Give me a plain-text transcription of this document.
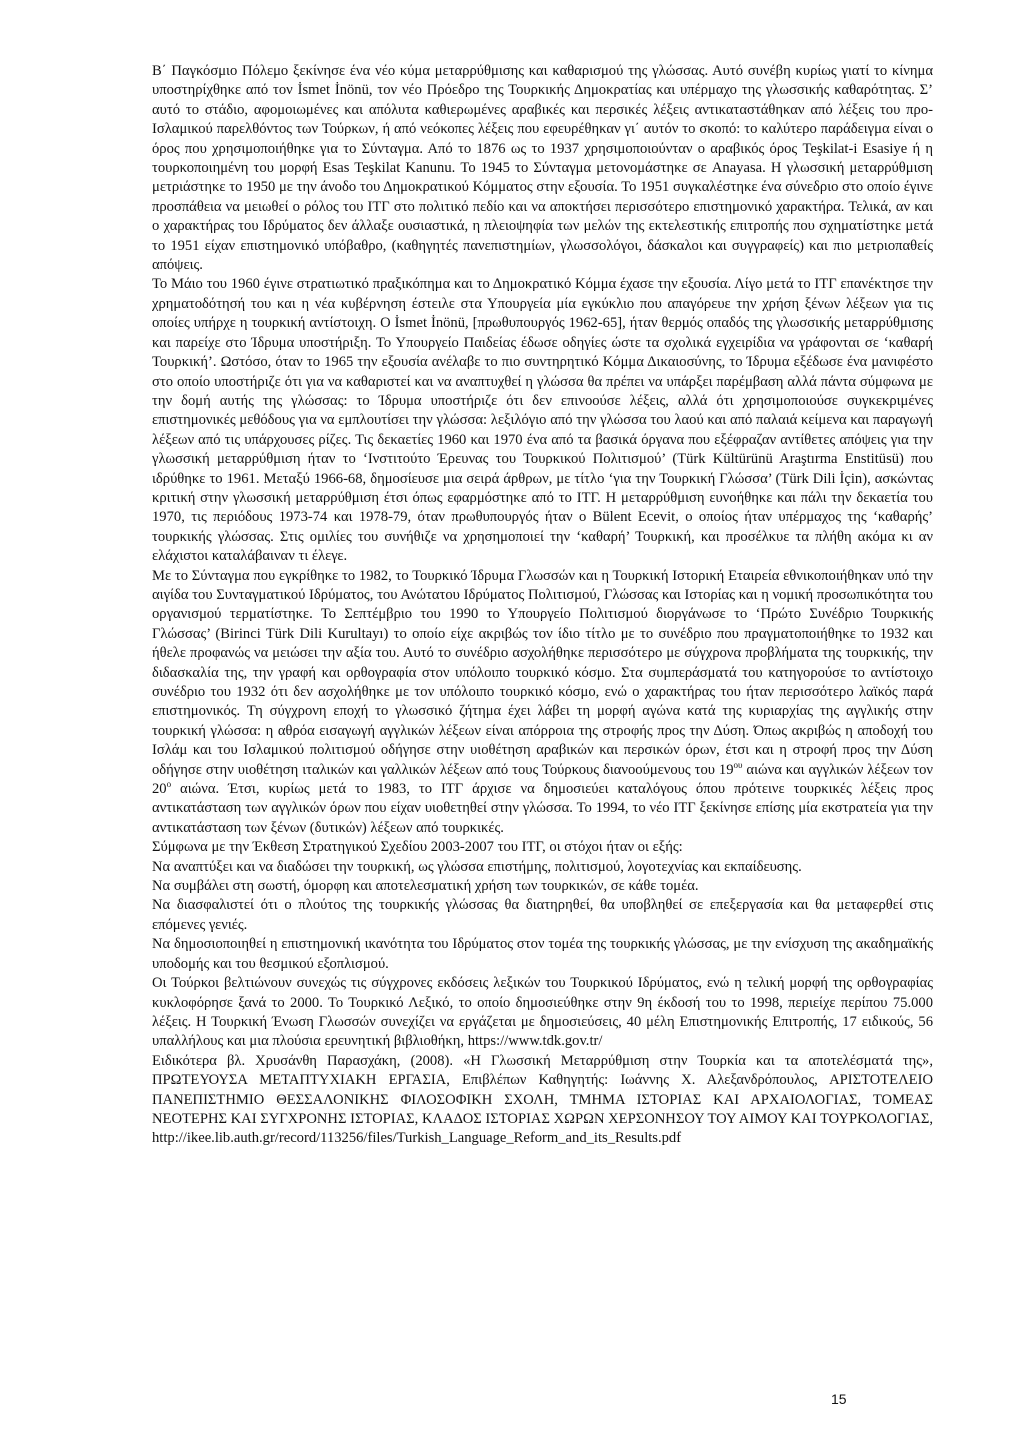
Β΄ Παγκόσμιο Πόλεμο ξεκίνησε ένα νέο κύμα μεταρρύθμισης και καθαρισμού της γλώσσας. Αυτό συνέβη κυρίως γιατί το κίνημα υποστηρίχθηκε από τον İsmet İnönü, τον νέο Πρόεδρο της Τουρκικής Δημοκρατίας και υπέρμαχο της γλωσσικής καθαρότητας. Σ’ αυτό το στάδιο, αφομοιωμένες και απόλυτα καθιερωμένες αραβικές και περσικές λέξεις αντικαταστάθηκαν από λέξεις του προ-Ισλαμικού παρελθόντος των Τούρκων, ή από νεόκοπες λέξεις που εφευρέθηκαν γι΄ αυτόν το σκοπό: το καλύτερο παράδειγμα είναι ο όρος που χρησιμοποιήθηκε για το Σύνταγμα. Από το 1876 ως το 1937 χρησιμοποιούνταν ο αραβικός όρος Teşkilat-i Esasiye ή η τουρκοποιημένη του μορφή Esas Teşkilat Kanunu. Το 1945 το Σύνταγμα μετονομάστηκε σε Anayasa. Η γλωσσική μεταρρύθμιση μετριάστηκε το 1950 με την άνοδο του Δημοκρατικού Κόμματος στην εξουσία. Το 1951 συγκαλέστηκε ένα σύνεδριο στο οποίο έγινε προσπάθεια να μειωθεί ο ρόλος του ΙΤΓ στο πολιτικό πεδίο και να αποκτήσει περισσότερο επιστημονικό χαρακτήρα. Τελικά, αν και ο χαρακτήρας του Ιδρύματος δεν άλλαξε ουσιαστικά, η πλειοψηφία των μελών της εκτελεστικής επιτροπής που σχηματίστηκε μετά το 1951 είχαν επιστημονικό υπόβαθρο, (καθηγητές πανεπιστημίων, γλωσσολόγοι, δάσκαλοι και συγγραφείς) και πιο μετριοπαθείς απόψεις.

Το Μάιο του 1960 έγινε στρατιωτικό πραξικόπημα και το Δημοκρατικό Κόμμα έχασε την εξουσία. Λίγο μετά το ΙΤΓ επανέκτησε την χρηματοδότησή του και η νέα κυβέρνηση έστειλε στα Υπουργεία μία εγκύκλιο που απαγόρευε την χρήση ξένων λέξεων για τις οποίες υπήρχε η τουρκική αντίστοιχη. Ο İsmet İnönü, [πρωθυπουργός 1962-65], ήταν θερμός οπαδός της γλωσσικής μεταρρύθμισης και παρείχε στο Ίδρυμα υποστήριξη. Το Υπουργείο Παιδείας έδωσε οδηγίες ώστε τα σχολικά εγχειρίδια να γράφονται σε ‘καθαρή Τουρκική’. Ωστόσο, όταν το 1965 την εξουσία ανέλαβε το πιο συντηρητικό Κόμμα Δικαιοσύνης, το Ίδρυμα εξέδωσε ένα μανιφέστο στο οποίο υποστήριζε ότι για να καθαριστεί και να αναπτυχθεί η γλώσσα θα πρέπει να υπάρξει παρέμβαση αλλά πάντα σύμφωνα με την δομή αυτής της γλώσσας: το Ίδρυμα υποστήριζε ότι δεν επινοούσε λέξεις, αλλά ότι χρησιμοποιούσε συγκεκριμένες επιστημονικές μεθόδους για να εμπλουτίσει την γλώσσα: λεξιλόγιο από την γλώσσα του λαού και από παλαιά κείμενα και παραγωγή λέξεων από τις υπάρχουσες ρίζες. Τις δεκαετίες 1960 και 1970 ένα από τα βασικά όργανα που εξέφραζαν αντίθετες απόψεις για την γλωσσική μεταρρύθμιση ήταν το ‘Ινστιτούτο Έρευνας του Τουρκικού Πολιτισμού’ (Türk Kültürünü Araştırma Enstitüsü) που ιδρύθηκε το 1961. Μεταξύ 1966-68, δημοσίευσε μια σειρά άρθρων, με τίτλο ‘για την Τουρκική Γλώσσα’ (Türk Dili İçin), ασκώντας κριτική στην γλωσσική μεταρρύθμιση έτσι όπως εφαρμόστηκε από το ΙΤΓ. Η μεταρρύθμιση ευνοήθηκε και πάλι την δεκαετία του 1970, τις περιόδους 1973-74 και 1978-79, όταν πρωθυπουργός ήταν ο Bülent Ecevit, ο οποίος ήταν υπέρμαχος της ‘καθαρής’ τουρκικής γλώσσας. Στις ομιλίες του συνήθιζε να χρησημοποιεί την ‘καθαρή’ Τουρκική, και προσέλκυε τα πλήθη ακόμα κι αν ελάχιστοι καταλάβαιναν τι έλεγε.

Με το Σύνταγμα που εγκρίθηκε το 1982, το Τουρκικό Ίδρυμα Γλωσσών και η Τουρκική Ιστορική Εταιρεία εθνικοποιήθηκαν υπό την αιγίδα του Συνταγματικού Ιδρύματος, του Ανώτατου Ιδρύματος Πολιτισμού, Γλώσσας και Ιστορίας και η νομική προσωπικότητα του οργανισμού τερματίστηκε. Το Σεπτέμβριο του 1990 το Υπουργείο Πολιτισμού διοργάνωσε το ‘Πρώτο Συνέδριο Τουρκικής Γλώσσας’ (Birinci Türk Dili Kurultayı) το οποίο είχε ακριβώς τον ίδιο τίτλο με το συνέδριο που πραγματοποιήθηκε το 1932 και ήθελε προφανώς να μειώσει την αξία του. Αυτό το συνέδριο ασχολήθηκε περισσότερο με σύγχρονα προβλήματα της τουρκικής, την διδασκαλία της, την γραφή και ορθογραφία στον υπόλοιπο τουρκικό κόσμο. Στα συμπεράσματά του κατηγορούσε το αντίστοιχο συνέδριο του 1932 ότι δεν ασχολήθηκε με τον υπόλοιπο τουρκικό κόσμο, ενώ ο χαρακτήρας του ήταν περισσότερο λαϊκός παρά επιστημονικός. Τη σύγχρονη εποχή το γλωσσικό ζήτημα έχει λάβει τη μορφή αγώνα κατά της κυριαρχίας της αγγλικής στην τουρκική γλώσσα: η αθρόα εισαγωγή αγγλικών λέξεων είναι απόρροια της στροφής προς την Δύση. Όπως ακριβώς η αποδοχή του Ισλάμ και του Ισλαμικού πολιτισμού οδήγησε στην υιοθέτηση αραβικών και περσικών όρων, έτσι και η στροφή προς την Δύση οδήγησε στην υιοθέτηση ιταλικών και γαλλικών λέξεων από τους Τούρκους διανοούμενους του $19^{o\upsilon}$ αιώνα και αγγλικών λέξεων τον $20^o$ αιώνα. Έτσι, κυρίως μετά το 1983, το ΙΤΓ άρχισε να δημοσιεύει καταλόγους όπου πρότεινε τουρκικές λέξεις προς αντικατάσταση των αγγλικών όρων που είχαν υιοθετηθεί στην γλώσσα. Το 1994, το νέο ΙΤΓ ξεκίνησε επίσης μία εκστρατεία για την αντικατάσταση των ξένων (δυτικών) λέξεων από τουρκικές.

Σύμφωνα με την Έκθεση Στρατηγικού Σχεδίου 2003-2007 του ΙΤΓ, οι στόχοι ήταν οι εξής:

Να αναπτύξει και να διαδώσει την τουρκική, ως γλώσσα επιστήμης, πολιτισμού, λογοτεχνίας και εκπαίδευσης.

Να συμβάλει στη σωστή, όμορφη και αποτελεσματική χρήση των τουρκικών, σε κάθε τομέα.

Να διασφαλιστεί ότι ο πλούτος της τουρκικής γλώσσας θα διατηρηθεί, θα υποβληθεί σε επεξεργασία και θα μεταφερθεί στις επόμενες γενιές.

Να δημοσιοποιηθεί η επιστημονική ικανότητα του Ιδρύματος στον τομέα της τουρκικής γλώσσας, με την ενίσχυση της ακαδημαϊκής υποδομής και του θεσμικού εξοπλισμού.

Οι Τούρκοι βελτιώνουν συνεχώς τις σύγχρονες εκδόσεις λεξικών του Τουρκικού Ιδρύματος, ενώ η τελική μορφή της ορθογραφίας κυκλοφόρησε ξανά το 2000. Το Τουρκικό Λεξικό, το οποίο δημοσιεύθηκε στην 9η έκδοσή του το 1998, περιείχε περίπου 75.000 λέξεις. Η Τουρκική Ένωση Γλωσσών συνεχίζει να εργάζεται με δημοσιεύσεις, 40 μέλη Επιστημονικής Επιτροπής, 17 ειδικούς, 56 υπαλλήλους και μια πλούσια ερευνητική βιβλιοθήκη, https://www.tdk.gov.tr/

Ειδικότερα βλ. Χρυσάνθη Παρασχάκη, (2008). «Η Γλωσσική Μεταρρύθμιση στην Τουρκία και τα αποτελέσματά της», ΠΡΩΤΕΥΟΥΣΑ ΜΕΤΑΠΤΥΧΙΑΚΗ ΕΡΓΑΣΙΑ, Επιβλέπων Καθηγητής: Ιωάννης Χ. Αλεξανδρόπουλος, ΑΡΙΣΤΟΤΕΛΕΙΟ ΠΑΝΕΠΙΣΤΗΜΙΟ ΘΕΣΣΑΛΟΝΙΚΗΣ ΦΙΛΟΣΟΦΙΚΗ ΣΧΟΛΗ, ΤΜΗΜΑ ΙΣΤΟΡΙΑΣ ΚΑΙ ΑΡΧΑΙΟΛΟΓΙΑΣ, ΤΟΜΕΑΣ ΝΕΟΤΕΡΗΣ ΚΑΙ ΣΥΓΧΡΟΝΗΣ ΙΣΤΟΡΙΑΣ, ΚΛΑΔΟΣ ΙΣΤΟΡΙΑΣ ΧΩΡΩΝ ΧΕΡΣΟΝΗΣΟΥ ΤΟΥ ΑΙΜΟΥ ΚΑΙ ΤΟΥΡΚΟΛΟΓΙΑΣ,

http://ikee.lib.auth.gr/record/113256/files/Turkish_Language_Reform_and_its_Results.pdf

15
